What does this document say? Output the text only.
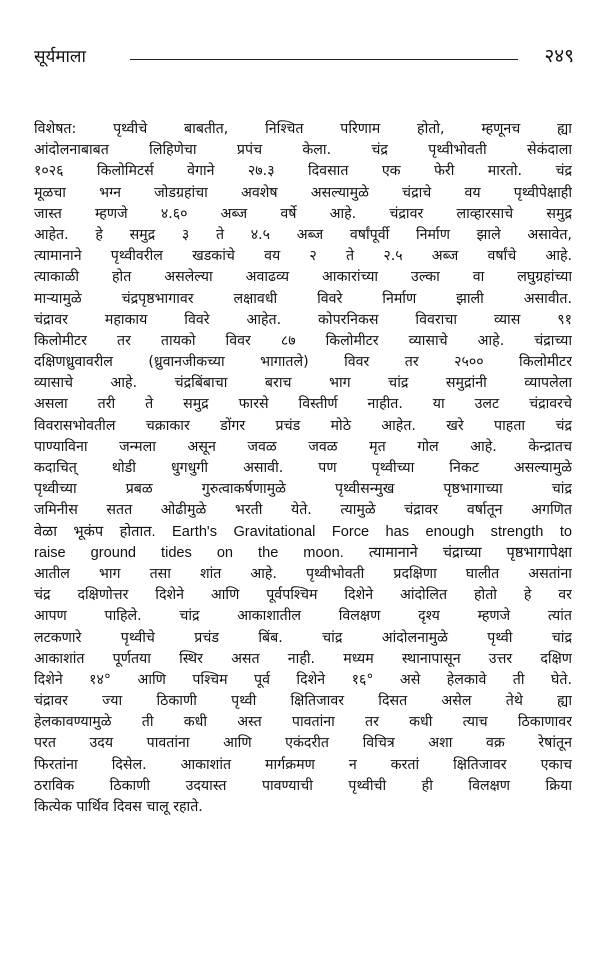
सूर्यमाला	२४९
विशेषत: पृथ्वीचे बाबतीत, निश्चित परिणाम होतो, म्हणूनच ह्या
आंदोलनाबाबत लिहिणेचा प्रपंच केला. चंद्र पृथ्वीभोवती सेकंदाला
१०२६ किलोमिटर्स वेगाने २७.३ दिवसात एक फेरी मारतो. चंद्र
मूळचा भग्न जोडग्रहांचा अवशेष असल्यामुळे चंद्राचे वय पृथ्वीपेक्षाही
जास्त म्हणजे ४.६० अब्ज वर्षे आहे. चंद्रावर लाव्हारसाचे समुद्र
आहेत. हे समुद्र ३ ते ४.५ अब्ज वर्षांपूर्वी निर्माण झाले असावेत,
त्यामानाने पृथ्वीवरील खडकांचे वय २ ते २.५ अब्ज वर्षांचे आहे.
त्याकाळी होत असलेल्या अवाढव्य आकारांच्या उल्का वा लघुग्रहांच्या
माऱ्यामुळे चंद्रपृष्ठभागावर लक्षावधी विवरे निर्माण झाली असावीत.
चंद्रावर महाकाय विवरे आहेत. कोपरनिकस विवराचा व्यास ९१
किलोमीटर तर तायको विवर ८७ किलोमीटर व्यासाचे आहे. चंद्राच्या
दक्षिणध्रुवावरील (ध्रुवानजीकच्या भागातले) विवर तर २५०० किलोमीटर
व्यासाचे आहे. चंद्रबिंबाचा बराच भाग चांद्र समुद्रांनी व्यापलेला
असला तरी ते समुद्र फारसे विस्तीर्ण नाहीत. या उलट चंद्रावरचे
विवरासभोवतील चक्राकार डोंगर प्रचंड मोठे आहेत. खरे पाहता चंद्र
पाण्याविना जन्मला असून जवळ जवळ मृत गोल आहे. केन्द्रातच
कदाचित् थोडी धुगधुगी असावी. पण पृथ्वीच्या निकट असल्यामुळे
पृथ्वीच्या प्रबळ गुरुत्वाकर्षणामुळे पृथ्वीसन्मुख पृष्ठभागाच्या चांद्र
जमिनीस सतत ओढीमुळे भरती येते. त्यामुळे चंद्रावर वर्षातून अगणित
वेळा भूकंप होतात. Earth's Gravitational Force has enough strength to
raise ground tides on the moon. त्यामानाने चंद्राच्या पृष्ठभागापेक्षा
आतील भाग तसा शांत आहे. पृथ्वीभोवती प्रदक्षिणा घालीत असतांना
चंद्र दक्षिणोत्तर दिशेने आणि पूर्वपश्चिम दिशेने आंदोलित होतो हे वर
आपण पाहिले. चांद्र आकाशातील विलक्षण दृश्य म्हणजे त्यांत
लटकणारे पृथ्वीचे प्रचंड बिंब. चांद्र आंदोलनामुळे पृथ्वी चांद्र
आकाशांत पूर्णतया स्थिर असत नाही. मध्यम स्थानापासून उत्तर दक्षिण
दिशेने १४° आणि पश्चिम पूर्व दिशेने १६° असे हेलकावे ती घेते.
चंद्रावर ज्या ठिकाणी पृथ्वी क्षितिजावर दिसत असेल तेथे ह्या
हेलकावण्यामुळे ती कधी अस्त पावतांना तर कधी त्याच ठिकाणावर
परत उदय पावतांना आणि एकंदरीत विचित्र अशा वक्र रेषांतून
फिरतांना दिसेल. आकाशांत मार्गक्रमण न करतां क्षितिजावर एकाच
ठराविक ठिकाणी उदयास्त पावण्याची पृथ्वीची ही विलक्षण क्रिया
कित्येक पार्थिव दिवस चालू रहाते.
